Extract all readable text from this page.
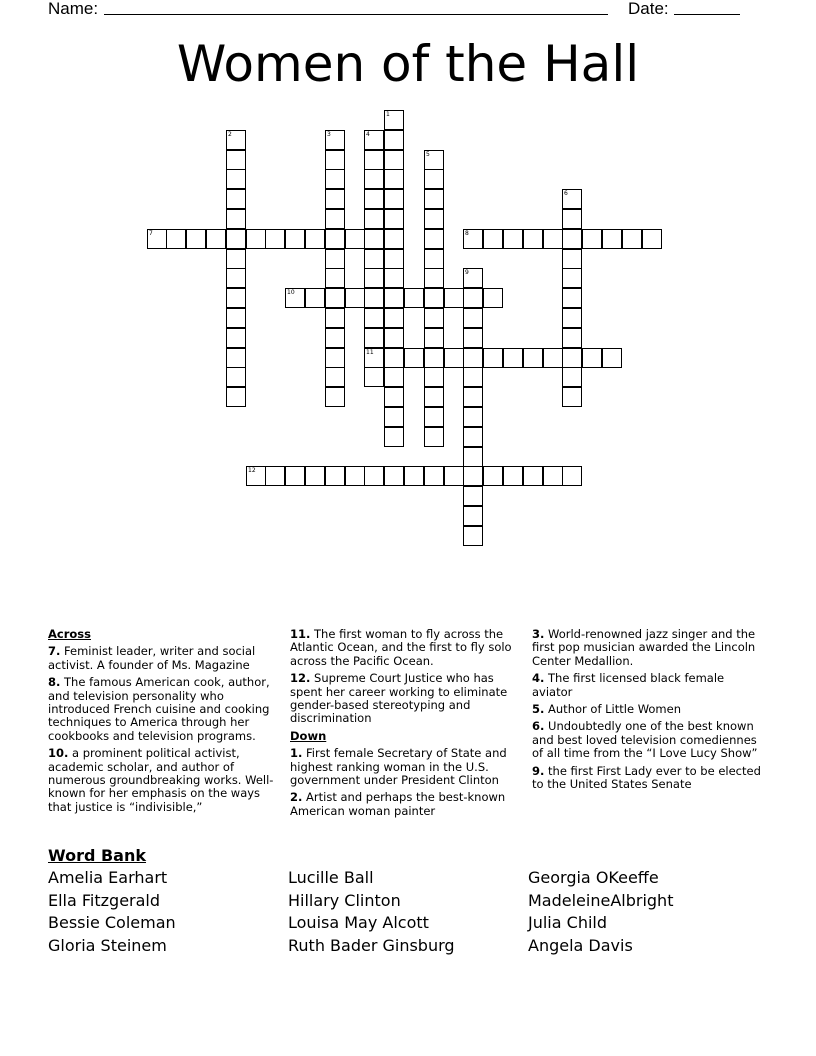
Name:	Date:
Women of the Hall
1
2	3	4
11
5
6
7	8
9
10
12
Across
7. Feminist leader, writer and social activist. A founder of Ms. Magazine
8. The famous American cook, author, and television personality who introduced French cuisine and cooking techniques to America through her cookbooks and television programs.
10. a prominent political activist, academic scholar, and author of numerous groundbreaking works. Well-known for her emphasis on the ways that justice is “indivisible,”
11. The first woman to fly across the Atlantic Ocean, and the first to fly solo across the Pacific Ocean.
12. Supreme Court Justice who has spent her career working to eliminate gender-based stereotyping and discrimination
Down
1. First female Secretary of State and highest ranking woman in the U.S. government under President Clinton
2. Artist and perhaps the best-known American woman painter
3. World-renowned jazz singer and the first pop musician awarded the Lincoln Center Medallion.
4. The first licensed black female aviator
5. Author of Little Women
6. Undoubtedly one of the best known and best loved television comediennes of all time from the “I Love Lucy Show”
9. the first First Lady ever to be elected to the United States Senate
Word Bank
Amelia Earhart
Ella Fitzgerald
Bessie Coleman
Gloria Steinem
Lucille Ball
Hillary Clinton
Louisa May Alcott
Ruth Bader Ginsburg
Georgia OKeeffe
MadeleineAlbright
Julia Child
Angela Davis
